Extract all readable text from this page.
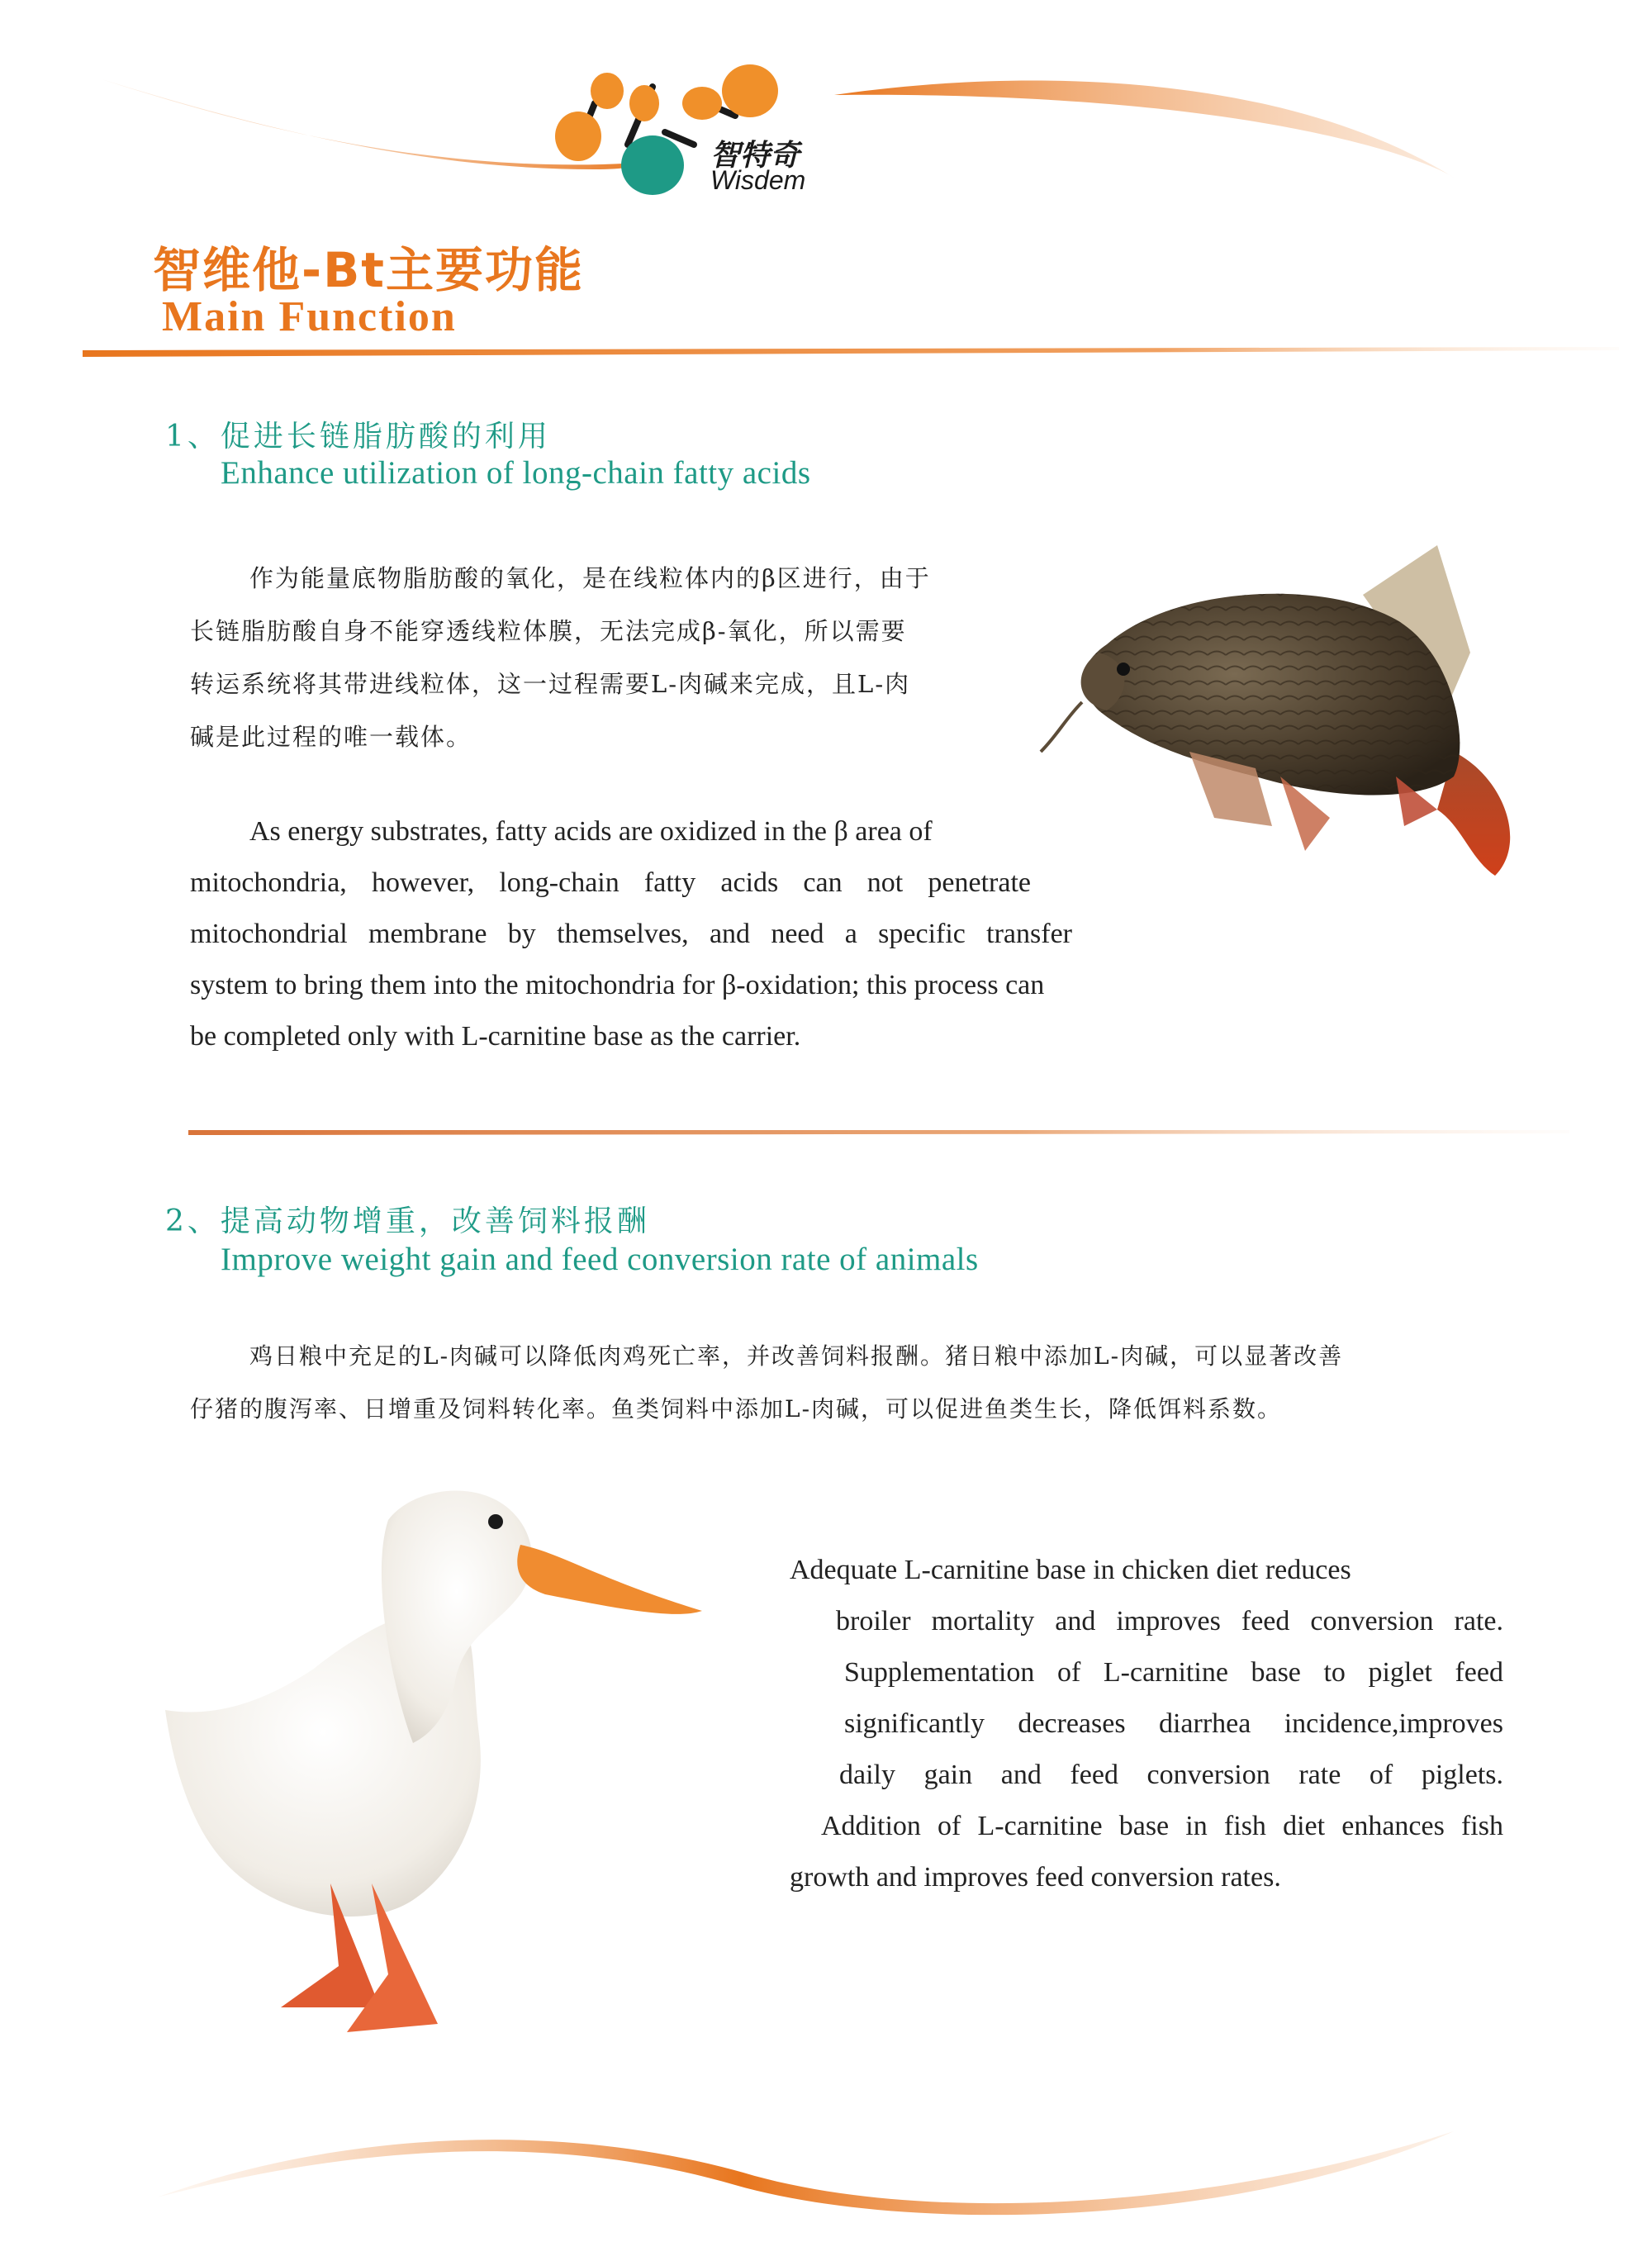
智特奇
Wisdem
智维他-Bt主要功能
Main Function
1、促进长链脂肪酸的利用
Enhance utilization of long-chain fatty acids
作为能量底物脂肪酸的氧化，是在线粒体内的β区进行，由于
长链脂肪酸自身不能穿透线粒体膜，无法完成β-氧化，所以需要
转运系统将其带进线粒体，这一过程需要L-肉碱来完成，且L-肉
碱是此过程的唯一载体。
As energy substrates, fatty acids are oxidized in the β area of
mitochondria, however, long-chain fatty acids can not penetrate
mitochondrial membrane by themselves, and need a specific transfer
system to bring them into the mitochondria for β-oxidation; this process can
be completed only with L-carnitine base as the carrier.
2、提高动物增重，改善饲料报酬
Improve weight gain and feed conversion rate of animals
鸡日粮中充足的L-肉碱可以降低肉鸡死亡率，并改善饲料报酬。猪日粮中添加L-肉碱，可以显著改善
仔猪的腹泻率、日增重及饲料转化率。鱼类饲料中添加L-肉碱，可以促进鱼类生长，降低饵料系数。
Adequate L-carnitine base in chicken diet reduces
broiler mortality and improves feed conversion rate.
Supplementation of L-carnitine base to piglet feed
significantly decreases diarrhea incidence,improves
daily gain and feed conversion rate of piglets.
Addition of L-carnitine base in fish diet enhances fish
growth and improves feed conversion rates.
